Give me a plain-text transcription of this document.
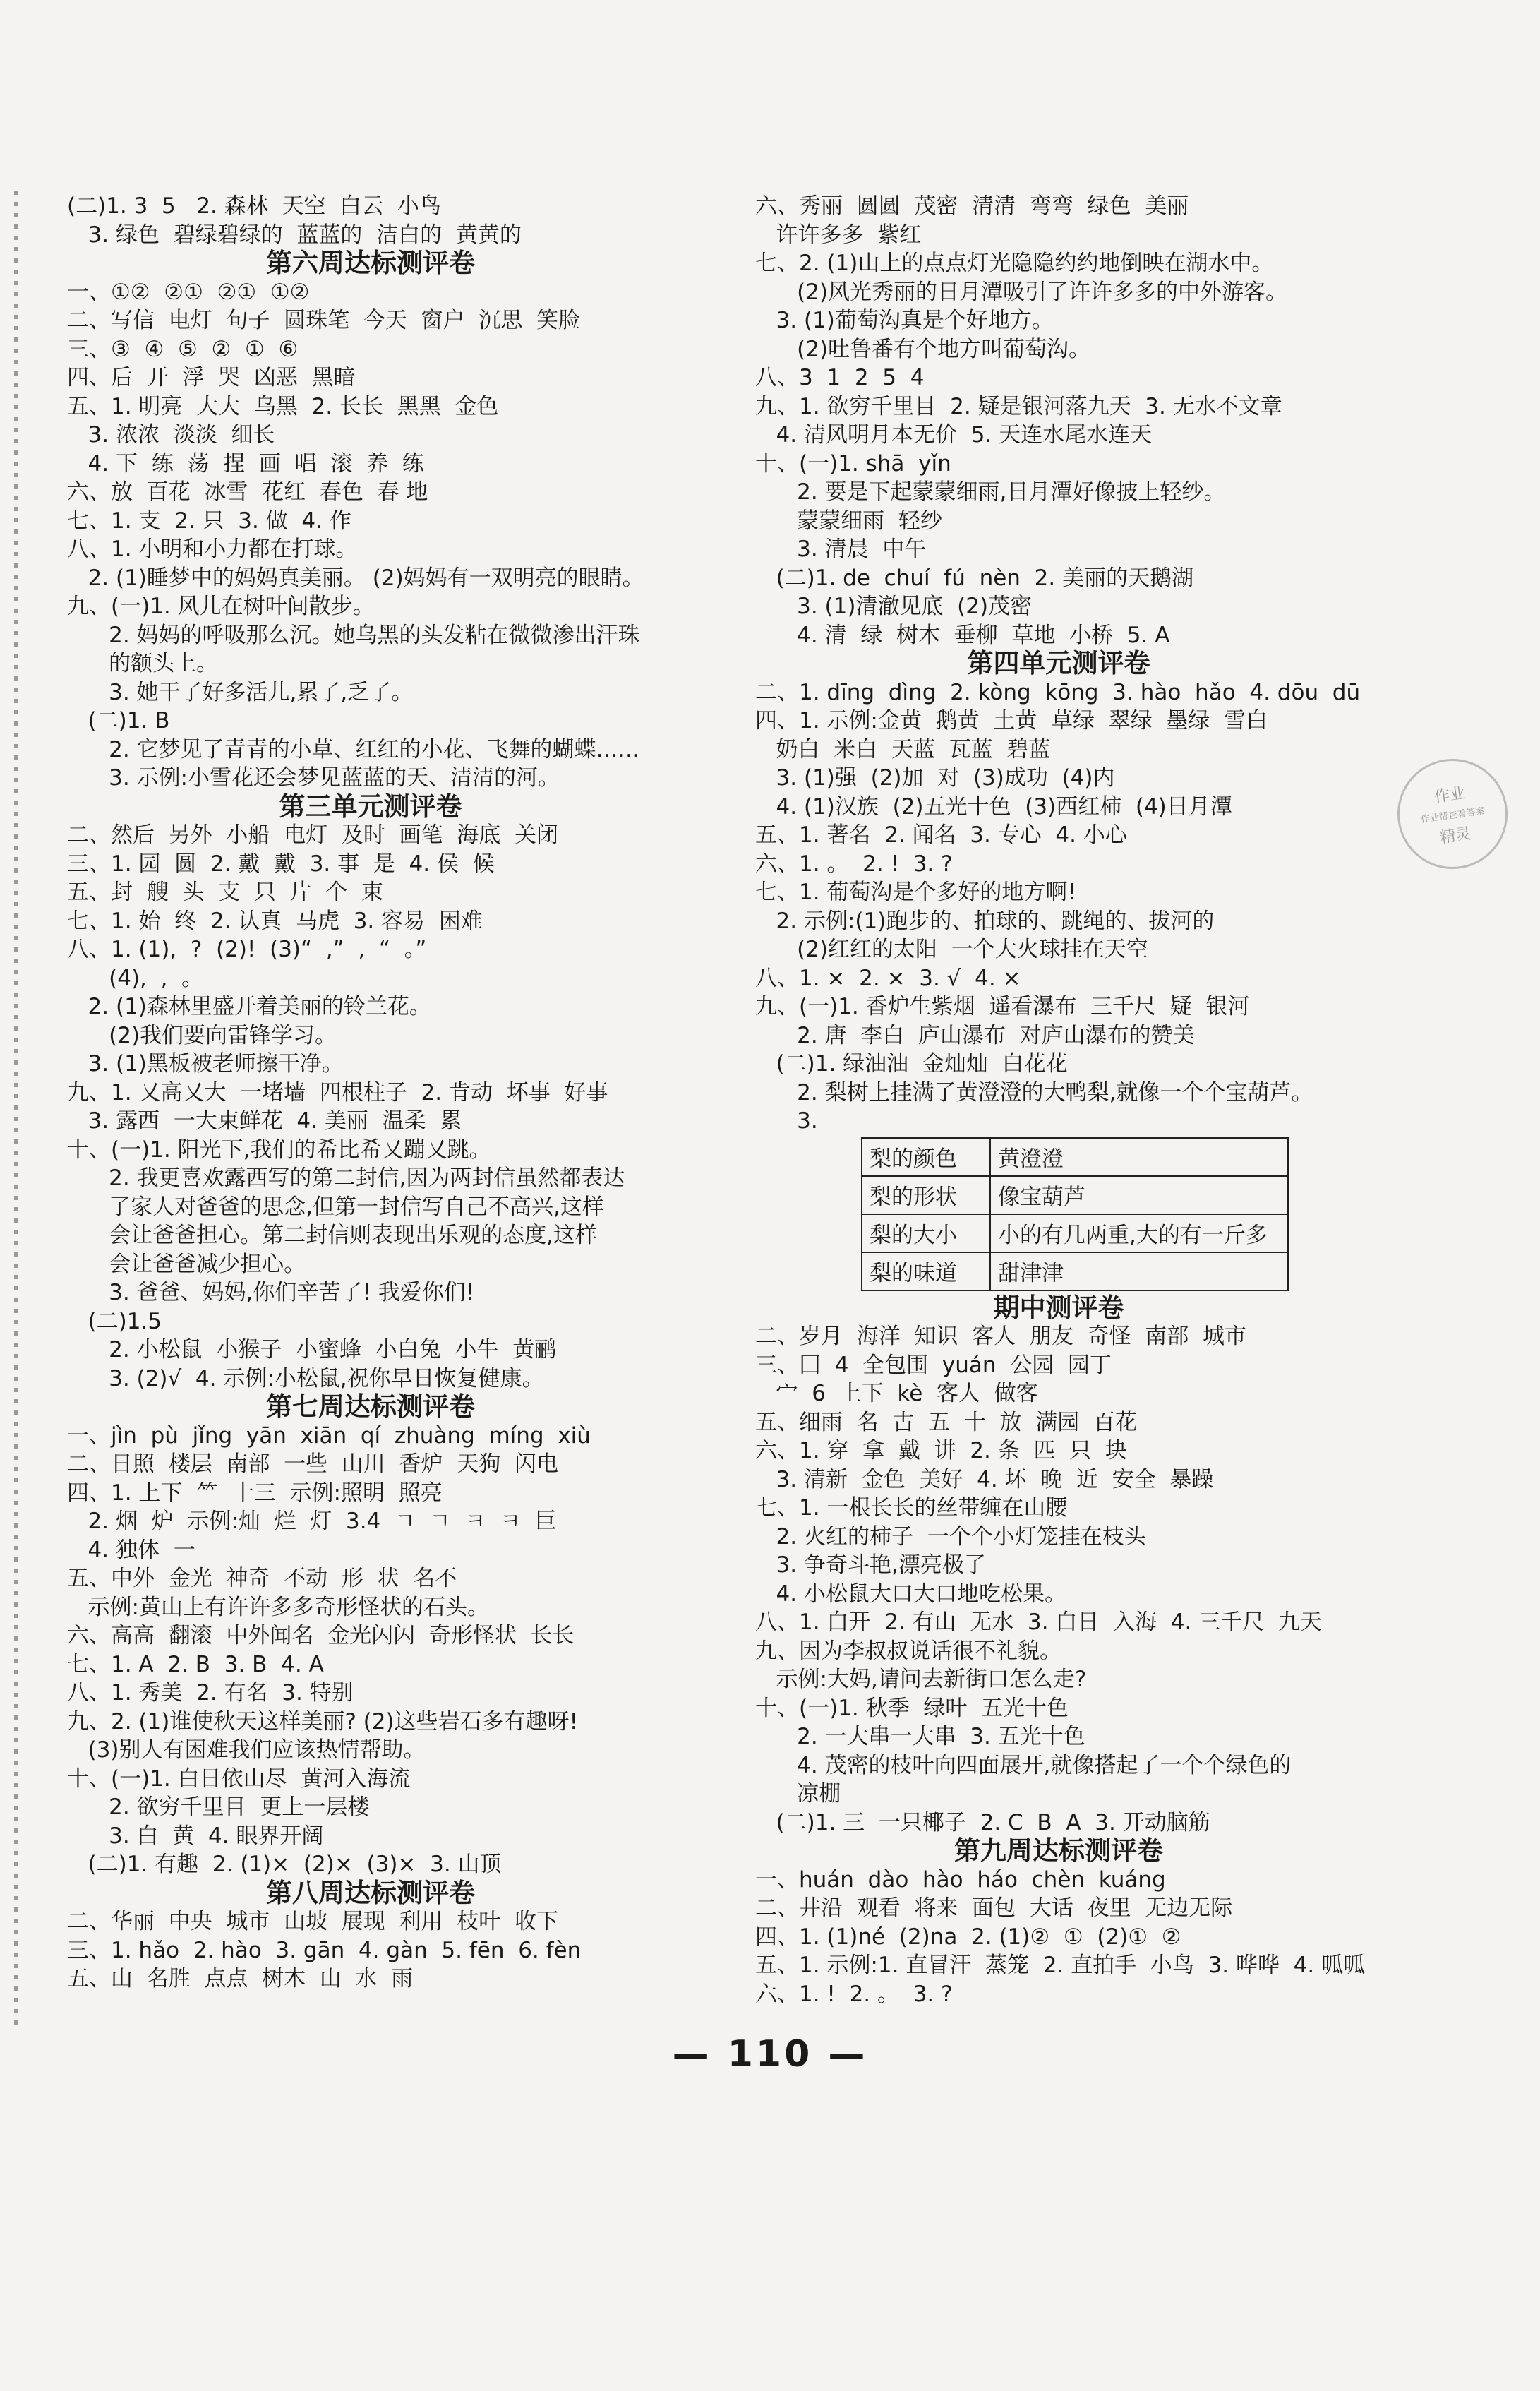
(二)1. 3  5   2. 森林  天空  白云  小鸟
3. 绿色  碧绿碧绿的  蓝蓝的  洁白的  黄黄的
第六周达标测评卷
一、①②  ②①  ②①  ①②
二、写信  电灯  句子  圆珠笔  今天  窗户  沉思  笑脸
三、③  ④  ⑤  ②  ①  ⑥
四、后  开  浮  哭  凶恶  黑暗
五、1. 明亮  大大  乌黑  2. 长长  黑黑  金色
3. 浓浓  淡淡  细长
4. 下  练  荡  捏  画  唱  滚  养  练
六、放  百花  冰雪  花红  春色  春 地
七、1. 支  2. 只  3. 做  4. 作
八、1. 小明和小力都在打球。
2. (1)睡梦中的妈妈真美丽。 (2)妈妈有一双明亮的眼睛。
九、(一)1. 风儿在树叶间散步。
2. 妈妈的呼吸那么沉。她乌黑的头发粘在微微渗出汗珠
的额头上。
3. 她干了好多活儿,累了,乏了。
(二)1. B
2. 它梦见了青青的小草、红红的小花、飞舞的蝴蝶……
3. 示例:小雪花还会梦见蓝蓝的天、清清的河。
第三单元测评卷
二、然后  另外  小船  电灯  及时  画笔  海底  关闭
三、1. 园  圆  2. 戴  戴  3. 事  是  4. 侯  候
五、封  艘  头  支  只  片  个  束
七、1. 始  终  2. 认真  马虎  3. 容易  困难
八、1. (1),  ?  (2)!  (3)“  ,”  ,  “  。”
(4),  ,  。
2. (1)森林里盛开着美丽的铃兰花。
(2)我们要向雷锋学习。
3. (1)黑板被老师擦干净。
九、1. 又高又大  一堵墙  四根柱子  2. 肯动  坏事  好事
3. 露西  一大束鲜花  4. 美丽  温柔  累
十、(一)1. 阳光下,我们的希比希又蹦又跳。
2. 我更喜欢露西写的第二封信,因为两封信虽然都表达
了家人对爸爸的思念,但第一封信写自己不高兴,这样
会让爸爸担心。第二封信则表现出乐观的态度,这样
会让爸爸减少担心。
3. 爸爸、妈妈,你们辛苦了! 我爱你们!
(二)1.5
2. 小松鼠  小猴子  小蜜蜂  小白兔  小牛  黄鹂
3. (2)√  4. 示例:小松鼠,祝你早日恢复健康。
第七周达标测评卷
一、jìn  pù  jǐng  yān  xiān  qí  zhuàng  míng  xiù
二、日照  楼层  南部  一些  山川  香炉  天狗  闪电
四、1. 上下  ⺮  十三  示例:照明  照亮
2. 烟  炉  示例:灿  烂  灯  3.4  ㄱ  ㄱ  ㅋ  ㅋ  巨
4. 独体  一
五、中外  金光  神奇  不动  形  状  名不
示例:黄山上有许许多多奇形怪状的石头。
六、高高  翻滚  中外闻名  金光闪闪  奇形怪状  长长
七、1. A  2. B  3. B  4. A
八、1. 秀美  2. 有名  3. 特别
九、2. (1)谁使秋天这样美丽? (2)这些岩石多有趣呀!
(3)别人有困难我们应该热情帮助。
十、(一)1. 白日依山尽  黄河入海流
2. 欲穷千里目  更上一层楼
3. 白  黄  4. 眼界开阔
(二)1. 有趣  2. (1)×  (2)×  (3)×  3. 山顶
第八周达标测评卷
二、华丽  中央  城市  山坡  展现  利用  枝叶  收下
三、1. hǎo  2. hào  3. gān  4. gàn  5. fēn  6. fèn
五、山  名胜  点点  树木  山  水  雨
六、秀丽  圆圆  茂密  清清  弯弯  绿色  美丽
许许多多  紫红
七、2. (1)山上的点点灯光隐隐约约地倒映在湖水中。
(2)风光秀丽的日月潭吸引了许许多多的中外游客。
3. (1)葡萄沟真是个好地方。
(2)吐鲁番有个地方叫葡萄沟。
八、3  1  2  5  4
九、1. 欲穷千里目  2. 疑是银河落九天  3. 无水不文章
4. 清风明月本无价  5. 天连水尾水连天
十、(一)1. shā  yǐn
2. 要是下起蒙蒙细雨,日月潭好像披上轻纱。
蒙蒙细雨  轻纱
3. 清晨  中午
(二)1. de  chuí  fú  nèn  2. 美丽的天鹅湖
3. (1)清澈见底  (2)茂密
4. 清  绿  树木  垂柳  草地  小桥  5. A
第四单元测评卷
二、1. dīng  dìng  2. kòng  kōng  3. hào  hǎo  4. dōu  dū
四、1. 示例:金黄  鹅黄  土黄  草绿  翠绿  墨绿  雪白
奶白  米白  天蓝  瓦蓝  碧蓝
3. (1)强  (2)加  对  (3)成功  (4)内
4. (1)汉族  (2)五光十色  (3)西红柿  (4)日月潭
五、1. 著名  2. 闻名  3. 专心  4. 小心
六、1. 。  2. !  3. ?
七、1. 葡萄沟是个多好的地方啊!
2. 示例:(1)跑步的、拍球的、跳绳的、拔河的
(2)红红的太阳  一个大火球挂在天空
八、1. ×  2. ×  3. √  4. ×
九、(一)1. 香炉生紫烟  遥看瀑布  三千尺  疑  银河
2. 唐  李白  庐山瀑布  对庐山瀑布的赞美
(二)1. 绿油油  金灿灿  白花花
2. 梨树上挂满了黄澄澄的大鸭梨,就像一个个宝葫芦。
3.
梨的颜色	黄澄澄
梨的形状	像宝葫芦
梨的大小	小的有几两重,大的有一斤多
梨的味道	甜津津
期中测评卷
二、岁月  海洋  知识  客人  朋友  奇怪  南部  城市
三、囗  4  全包围  yuán  公园  园丁
宀  6  上下  kè  客人  做客
五、细雨  名  古  五  十  放  满园  百花
六、1. 穿  拿  戴  讲  2. 条  匹  只  块
3. 清新  金色  美好  4. 坏  晚  近  安全  暴躁
七、1. 一根长长的丝带缠在山腰
2. 火红的柿子  一个个小灯笼挂在枝头
3. 争奇斗艳,漂亮极了
4. 小松鼠大口大口地吃松果。
八、1. 白开  2. 有山  无水  3. 白日  入海  4. 三千尺  九天
九、因为李叔叔说话很不礼貌。
示例:大妈,请问去新街口怎么走?
十、(一)1. 秋季  绿叶  五光十色
2. 一大串一大串  3. 五光十色
4. 茂密的枝叶向四面展开,就像搭起了一个个绿色的
凉棚
(二)1. 三  一只椰子  2. C  B  A  3. 开动脑筋
第九周达标测评卷
一、huán  dào  hào  háo  chèn  kuáng
二、井沿  观看  将来  面包  大话  夜里  无边无际
四、1. (1)né  (2)na  2. (1)②  ①  (2)①  ②
五、1. 示例:1. 直冒汗  蒸笼  2. 直拍手  小鸟  3. 哗哗  4. 呱呱
六、1. !  2. 。  3. ?
作业
作业帮查看答案
精灵
— 110 —
